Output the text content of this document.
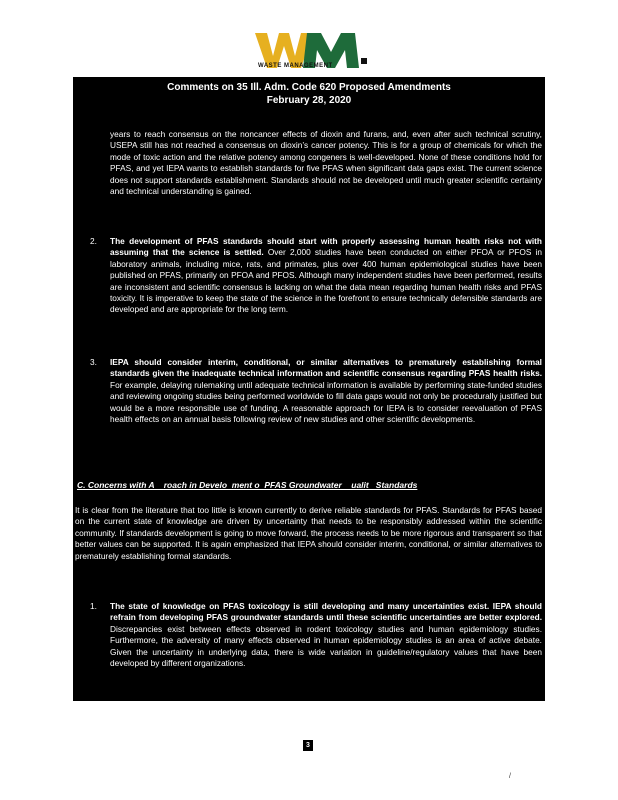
WASTE MANAGEMENT
Comments on 35 Ill. Adm. Code 620 Proposed Amendments
February 28, 2020
years to reach consensus on the noncancer effects of dioxin and furans, and, even after such technical scrutiny, USEPA still has not reached a consensus on dioxin’s cancer potency. This is for a group of chemicals for which the mode of toxic action and the relative potency among congeners is well-developed. None of these conditions hold for PFAS, and yet IEPA wants to establish standards for five PFAS when significant data gaps exist. The current science does not support standards establishment. Standards should not be developed until much greater scientific certainty and technical understanding is gained.
2. The development of PFAS standards should start with properly assessing human health risks not with assuming that the science is settled. Over 2,000 studies have been conducted on either PFOA or PFOS in laboratory animals, including mice, rats, and primates, plus over 400 human epidemiological studies have been published on PFAS, primarily on PFOA and PFOS. Although many independent studies have been performed, results are inconsistent and scientific consensus is lacking on what the data mean regarding human health risks and PFAS toxicity. It is imperative to keep the state of the science in the forefront to ensure technically defensible standards are developed and are appropriate for the long term.
3. IEPA should consider interim, conditional, or similar alternatives to prematurely establishing formal standards given the inadequate technical information and scientific consensus regarding PFAS health risks. For example, delaying rulemaking until adequate technical information is available by performing state-funded studies and reviewing ongoing studies being performed worldwide to fill data gaps would not only be procedurally justified but would be a more responsible use of funding. A reasonable approach for IEPA is to consider reevaluation of PFAS health effects on an annual basis following review of new studies and other scientific developments.
C. Concerns with A    roach in Develo  ment o  PFAS Groundwater    ualit   Standards
It is clear from the literature that too little is known currently to derive reliable standards for PFAS. Standards for PFAS based on the current state of knowledge are driven by uncertainty that needs to be responsibly addressed within the scientific community. If standards development is going to move forward, the process needs to be more rigorous and transparent so that better values can be supported. It is again emphasized that IEPA should consider interim, conditional, or similar alternatives to prematurely establishing formal standards.
1. The state of knowledge on PFAS toxicology is still developing and many uncertainties exist. IEPA should refrain from developing PFAS groundwater standards until these scientific uncertainties are better explored. Discrepancies exist between effects observed in rodent toxicology studies and human epidemiology studies. Furthermore, the adversity of many effects observed in human epidemiology studies is an area of active debate. Given the uncertainty in underlying data, there is wide variation in guideline/regulatory values that have been developed by different organizations.
3
/
